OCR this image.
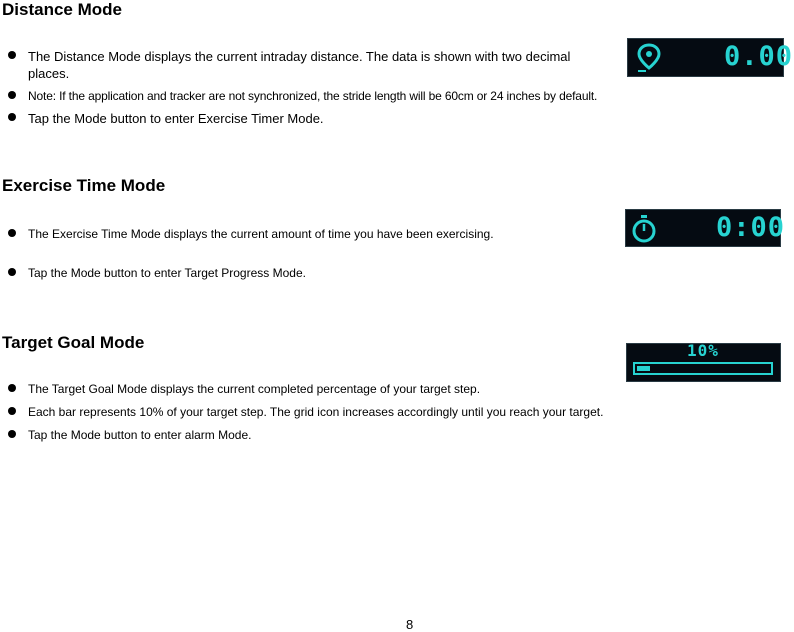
Distance Mode
The Distance Mode displays the current intraday distance. The data is shown with two decimal places.
Note: If the application and tracker are not synchronized, the stride length will be 60cm or 24 inches by default.
Tap the Mode button to enter Exercise Timer Mode.
0.00
Exercise Time Mode
The Exercise Time Mode displays the current amount of time you have been exercising.
Tap the Mode button to enter Target Progress Mode.
0:00
Target Goal Mode
The Target Goal Mode displays the current completed percentage of your target step.
Each bar represents 10% of your target step. The grid icon increases accordingly until you reach your target.
Tap the Mode button to enter alarm Mode.
10%
8
